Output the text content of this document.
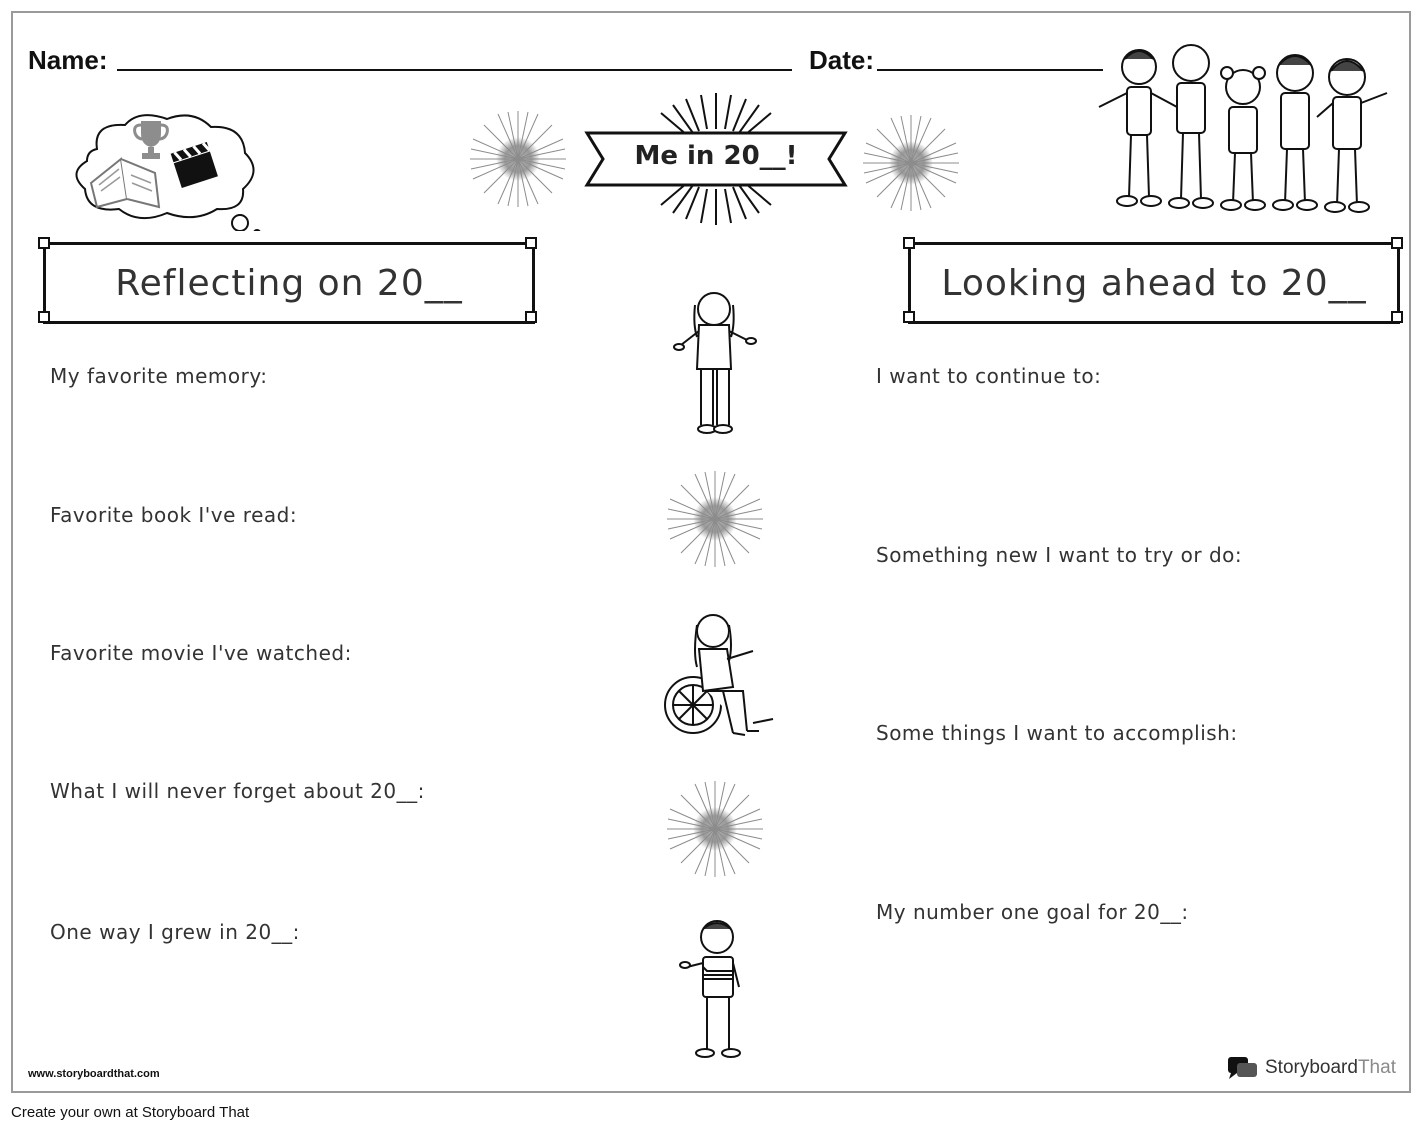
Name:	Date:
Me in 20__!
Reflecting on 20__	Looking ahead to 20__
My favorite memory:
Favorite book I've read:
Favorite movie I've watched:
What I will never forget about 20__:
One way I grew in 20__:
I want to continue to:
Something new I want to try or do:
Some things I want to accomplish:
My number one goal for 20__:
www.storyboardthat.com	StoryboardThat
Create your own at Storyboard That
